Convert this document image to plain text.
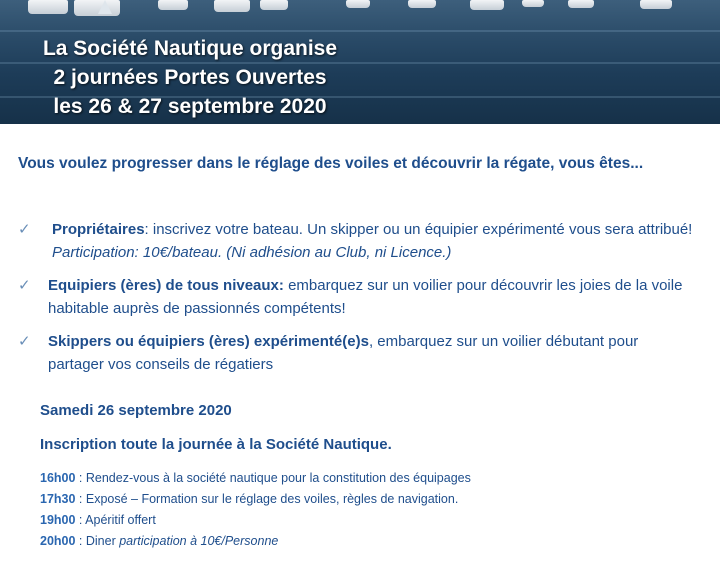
La Société Nautique organise
2 journées Portes Ouvertes
les 26 & 27 septembre 2020
Vous voulez progresser dans le réglage des voiles et découvrir la régate, vous êtes...
✓ Propriétaires: inscrivez votre bateau. Un skipper ou un équipier expérimenté vous sera attribué!  Participation: 10€/bateau. (Ni adhésion au Club, ni Licence.)
✓ Equipiers (ères) de tous niveaux: embarquez sur un voilier pour découvrir les joies de la voile habitable auprès de passionnés compétents!
✓ Skippers ou équipiers (ères) expérimenté(e)s, embarquez sur un voilier débutant pour partager vos conseils de régatiers
Samedi 26 septembre 2020
Inscription toute la journée à la Société Nautique.
16h00 : Rendez-vous à la société nautique pour la constitution des équipages
17h30 : Exposé – Formation sur le réglage des voiles, règles de navigation.
19h00 : Apéritif offert
20h00 : Diner participation à 10€/Personne
